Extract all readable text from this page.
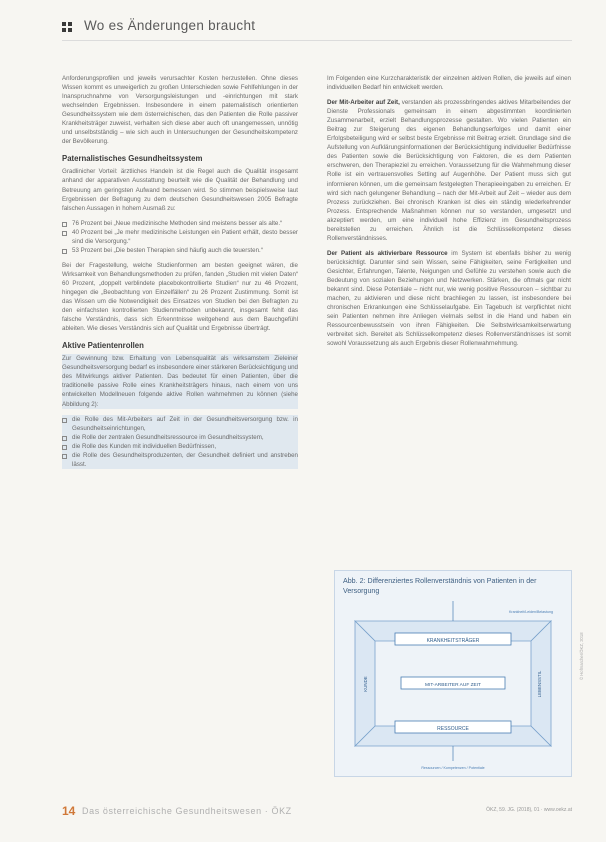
Wo es Änderungen braucht

Anforderungsprofilen und jeweils verursachter Kosten herzustellen. Ohne dieses Wissen kommt es unweigerlich zu großen Unterschieden sowie Fehlfehlungen in der Inanspruchnahme von Versorgungsleistungen und -einrichtungen mit stark wechselnden Ergebnissen. Insbesondere in einem paternalistisch orientierten Gesundheitssystem wie dem österreichischen, das den Patienten die Rolle passiver Krankheitsträger zuweist, verhalten sich diese aber auch oft unangemessen, unnötig und unselbstständig – wie sich auch in Untersuchungen der Gesundheitskompetenz der Bevölkerung.

Paternalistisches Gesundheitssystem

Gradlinicher Vorteil: ärztliches Handeln ist die Regel auch die Qualität insgesamt anhand der apparativen Ausstattung beurteilt wie die Qualität der Behandlung und Betreuung am geringsten Aufwand bemessen wird. So stimmen beispielsweise laut Ergebnissen der Befragung zu dem deutschen Gesundheitswesen 2005 Befragte falschen Aussagen in hohem Ausmaß zu:

76 Prozent bei „Neue medizinische Methoden sind meistens besser als alte.“
40 Prozent bei „Je mehr medizinische Leistungen ein Patient erhält, desto besser sind die Versorgung.“
53 Prozent bei „Die besten Therapien sind häufig auch die teuersten.“

Bei der Fragestellung, welche Studienformen am besten geeignet wären, die Wirksamkeit von Behandlungsmethoden zu prüfen, fanden „Studien mit vielen Daten“ 60 Prozent, „doppelt verblindete placebokontrollierte Studien“ nur zu 46 Prozent, hingegen die „Beobachtung von Einzelfällen“ zu 26 Prozent Zustimmung. Somit ist das Wissen um die Notwendigkeit des Einsatzes von Studien bei den Befragten zu den einfachsten kontrollierten Studienmethoden unbekannt, insgesamt fehlt das falsche Verständnis, dass sich Erkenntnisse weitgehend aus dem Bauchgefühl ableiten. Wie dieses Verständnis sich auf Qualität und Ergebnisse überträgt.

Aktive Patientenrollen

Zur Gewinnung bzw. Erhaltung von Lebensqualität als wirksamstem Zieleiner Gesundheitsversorgung bedarf es insbesondere einer stärkeren Berücksichtigung und des Mitwirkungs aktiver Patienten. Das bedeutet für einen Patienten, über die traditionelle passive Rolle eines Krankheitsträgers hinaus, nach einem von uns entwickelten Modellneuen folgende aktive Rollen wahrnehmen zu können (siehe Abbildung 2):

die Rolle des Mit-Arbeiters auf Zeit in der Gesundheitsversorgung bzw. in Gesundheitseinrichtungen,
die Rolle der zentralen Gesundheitsressource im Gesundheitssystem,
die Rolle des Kunden mit individuellen Bedürfnissen,
die Rolle des Gesundheitsproduzenten, der Gesundheit definiert und anstreben lässt.

Im Folgenden eine Kurzcharakteristik der einzelnen aktiven Rollen, die jeweils auf einen individuellen Bedarf hin entwickelt werden.

Der Mit-Arbeiter auf Zeit, verstanden als prozessbringendes aktives Mitarbeitendes der Dienste Professionals gemeinsam in einem abgestimmten koordinierten Zusammenarbeit, erzielt Behandlungsprozesse gestalten. Wo vielen Patienten ein Beitrag zur Steigerung des eigenen Behandlungserfolges und damit einer Erfolgsbeteiligung wird er selbst beste Ergebnisse mit Beitrag erzielt. Grundlage sind die Aufstellung von Aufklärungsinformationen der Berücksichtigung individueller Bedürfnisse des Patienten sowie die Berücksichtigung von Faktoren, die es dem Patienten erschweren, den Therapieziel zu erreichen. Voraussetzung für die Wahrnehmung dieser Rolle ist ein vertrauensvolles Setting auf Augenhöhe. Der Patient muss sich gut informieren können, um die gemeinsam festgelegten Therapieeingaben zu erreichen. Er wird sich nach gelungener Behandlung – nach der Mit-Arbeit auf Zeit – wieder aus dem Prozess zurückziehen. Bei chronisch Kranken ist dies ein ständig wiederkehrender Prozess. Entsprechende Maßnahmen können nur so verstanden, umgesetzt und akzeptiert werden, um eine individuell hohe Effizienz im Gesundheitsprozess bereitstellen zu erreichen. Ähnlich ist die Schlüsselkompetenz dieses Rollenverständnisses.

Der Patient als aktivierbare Ressource im System ist ebenfalls bisher zu wenig berücksichtigt. Darunter sind sein Wissen, seine Fähigkeiten, seine Fertigkeiten und Gesichter, Erfahrungen, Talente, Neigungen und Gefühle zu verstehen sowie auch die Bedeutung von sozialen Beziehungen und Netzwerken. Stärken, die oftmals gar nicht bekannt sind. Diese Potentiale – nicht nur, wie wenig positive Ressourcen – sichtbar zu machen, zu aktivieren und diese nicht brachliegen zu lassen, ist insbesondere bei chronischen Erkrankungen eine Schlüsselaufgabe. Ein Tagebuch ist verpflichtet nicht sein Patienten nehmen ihre Anliegen vielmals selbst in die Hand und haben ein Ressourcenbewusstsein von ihren Fähigkeiten. Die Selbstwirksamkeitserwartung verbreitet sich. Bereitet als Schlüsselkompetenz dieses Rollenverständnisses ist somit sowohl Voraussetzung als auch Ergebnis dieser Rollenwahrnehmung.

Abb. 2: Differenziertes Rollenverständnis von Patienten in der Versorgung
KRANKHEITSTRÄGER
RESSOURCE
MIT-ARBEITER AUF ZEIT
KUNDE	LEBENSSTIL
Krankheit/Leiden/Belastung
Ressourcen / Kompetenzen / Potentiale
14 Das österreichische Gesundheitswesen · ÖKZ	ÖKZ, 59. JG. (2018), 01 · www.oekz.at
© Hofmarcher/ÖKZ, 2018
